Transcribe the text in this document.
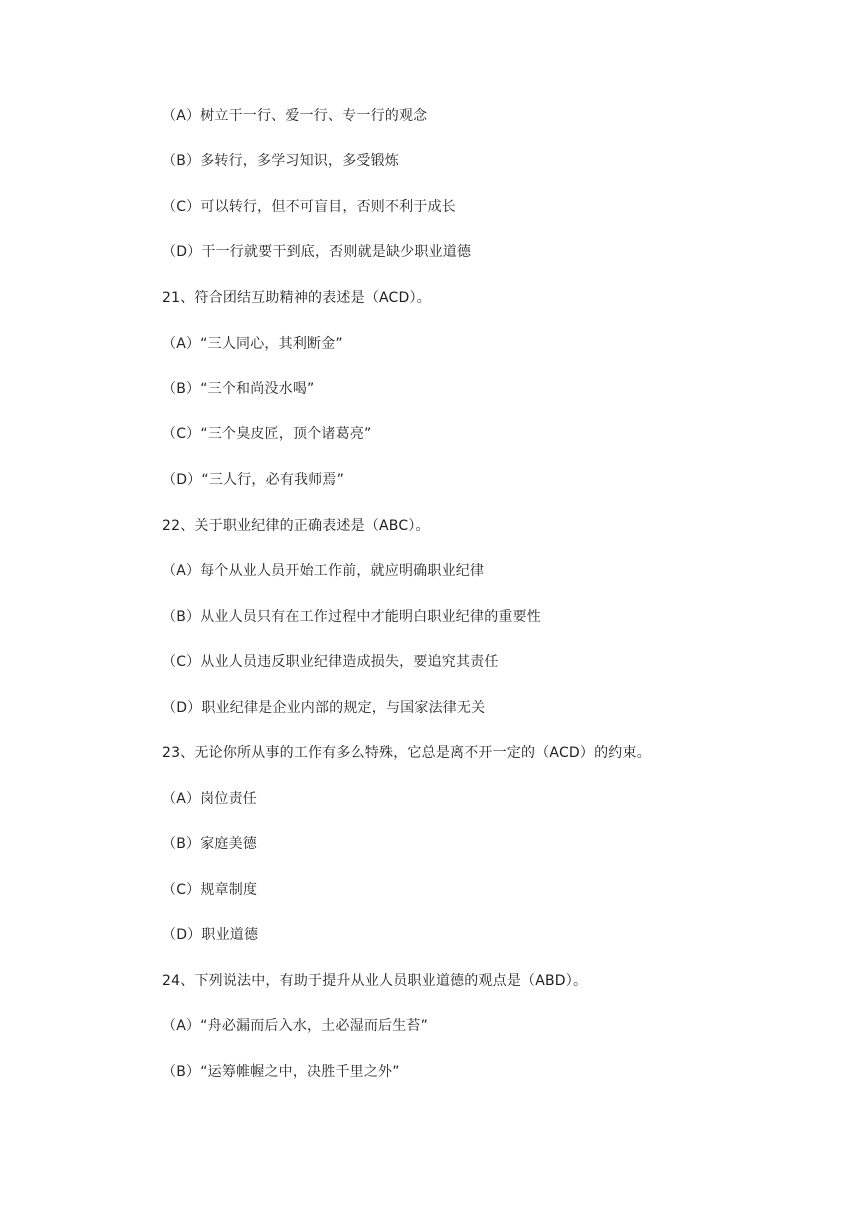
（A）树立干一行、爱一行、专一行的观念
（B）多转行，多学习知识，多受锻炼
（C）可以转行，但不可盲目，否则不利于成长
（D）干一行就要干到底，否则就是缺少职业道德
21、符合团结互助精神的表述是（ACD）。
（A）“三人同心，其利断金”
（B）“三个和尚没水喝”
（C）“三个臭皮匠，顶个诸葛亮”
（D）“三人行，必有我师焉”
22、关于职业纪律的正确表述是（ABC）。
（A）每个从业人员开始工作前，就应明确职业纪律
（B）从业人员只有在工作过程中才能明白职业纪律的重要性
（C）从业人员违反职业纪律造成损失，要追究其责任
（D）职业纪律是企业内部的规定，与国家法律无关
23、无论你所从事的工作有多么特殊，它总是离不开一定的（ACD）的约束。
（A）岗位责任
（B）家庭美德
（C）规章制度
（D）职业道德
24、下列说法中，有助于提升从业人员职业道德的观点是（ABD）。
（A）“舟必漏而后入水，土必湿而后生苔”
（B）“运筹帷幄之中，决胜千里之外”
